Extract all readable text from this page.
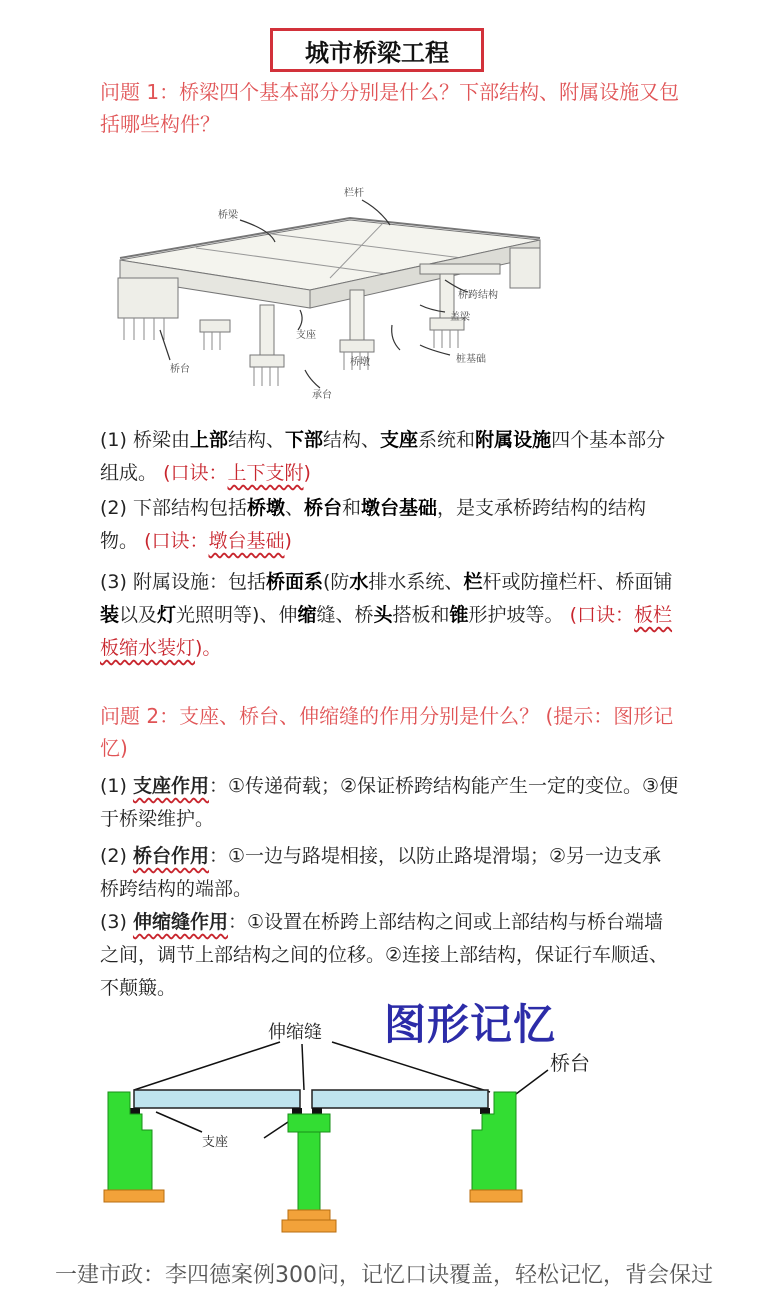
城市桥梁工程
问题 1：桥梁四个基本部分分别是什么？下部结构、附属设施又包括哪些构件？
桥梁
栏杆
桥跨结构
盖梁
支座
桥台
桥墩	桩基础
承台
(1) 桥梁由上部结构、下部结构、支座系统和附属设施四个基本部分组成。 (口诀：上下支附)
(2) 下部结构包括桥墩、桥台和墩台基础，是支承桥跨结构的结构物。 (口诀：墩台基础)
(3) 附属设施：包括桥面系(防水排水系统、栏杆或防撞栏杆、桥面铺装以及灯光照明等)、伸缩缝、桥头搭板和锥形护坡等。 (口诀：板栏板缩水装灯)。
问题 2：支座、桥台、伸缩缝的作用分别是什么？ (提示：图形记忆)
(1) 支座作用：①传递荷载；②保证桥跨结构能产生一定的变位。③便于桥梁维护。
(2) 桥台作用：①一边与路堤相接，以防止路堤滑塌；②另一边支承桥跨结构的端部。
(3) 伸缩缝作用：①设置在桥跨上部结构之间或上部结构与桥台端墙之间，调节上部结构之间的位移。②连接上部结构，保证行车顺适、不颠簸。
图形记忆
伸缩缝
桥台
支座
一建市政：李四德案例300问，记忆口诀覆盖，轻松记忆，背会保过
